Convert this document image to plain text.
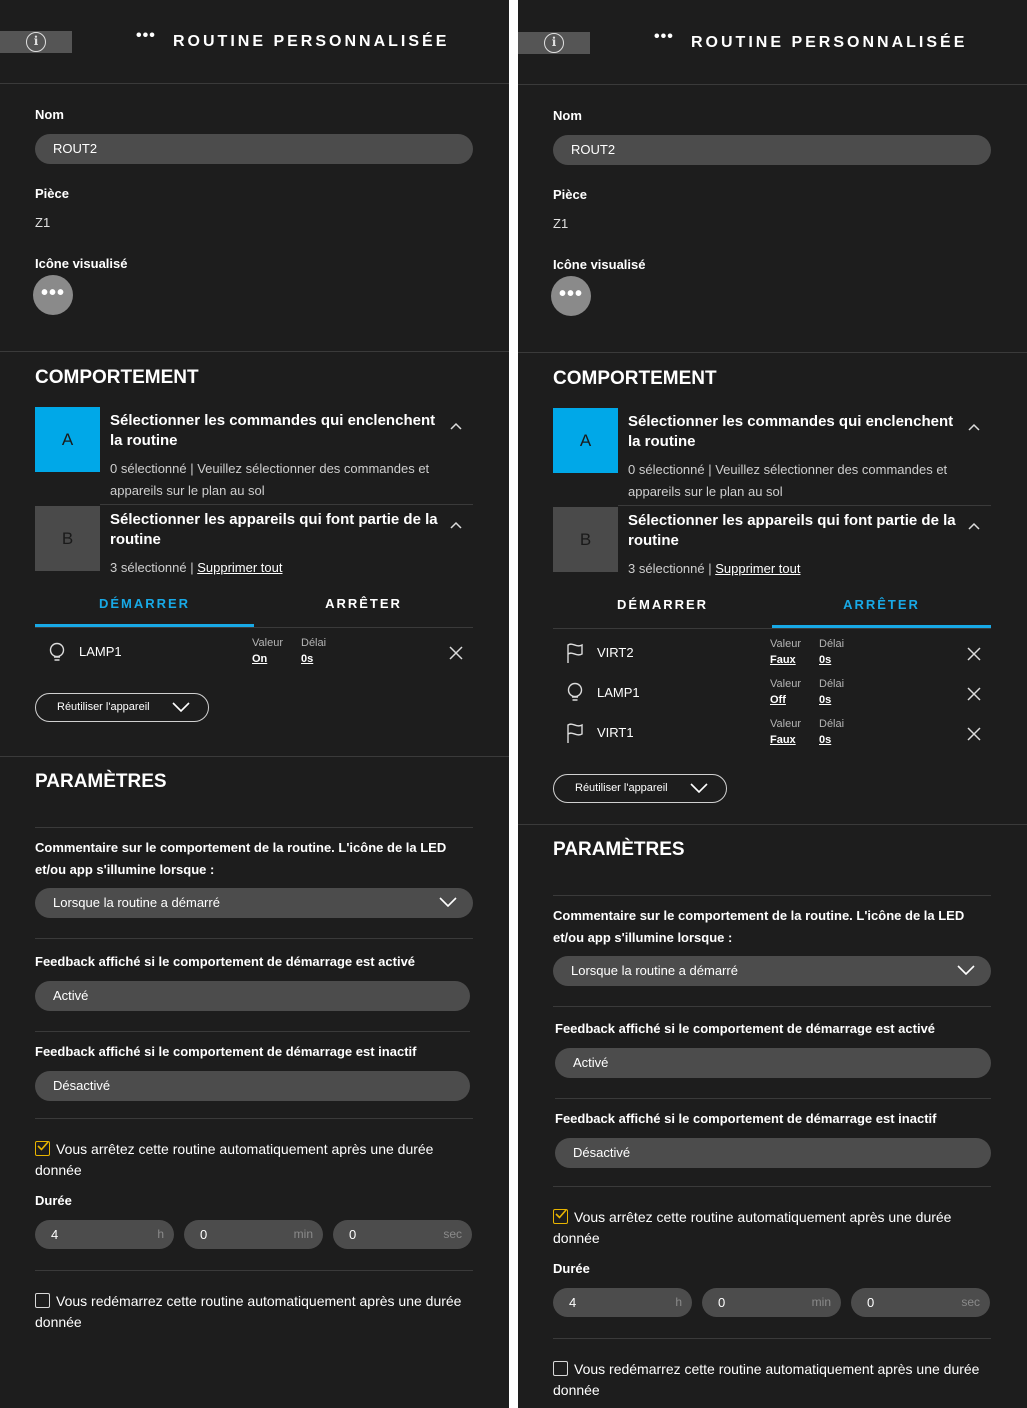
i	•••	ROUTINE PERSONNALISÉE
Nom
ROUT2
Pièce
Z1
Icône visualisé
•••
COMPORTEMENT
A
Sélectionner les commandes qui enclenchent la routine
0 sélectionné | Veuillez sélectionner des commandes et appareils sur le plan au sol
B
Sélectionner les appareils qui font partie de la routine
3 sélectionné | Supprimer tout
DÉMARRER	ARRÊTER
LAMP1
Valeur
On
Délai
0s
Réutiliser l'appareil
PARAMÈTRES
Commentaire sur le comportement de la routine. L'icône de la LED et/ou app s'illumine lorsque :
Lorsque la routine a démarré
Feedback affiché si le comportement de démarrage est activé
Activé
Feedback affiché si le comportement de démarrage est inactif
Désactivé
Vous arrêtez cette routine automatiquement après une durée donnée
Durée
4	h	0	min	0	sec
Vous redémarrez cette routine automatiquement après une durée donnée
i	•••	ROUTINE PERSONNALISÉE
Nom
ROUT2
Pièce
Z1
Icône visualisé
•••
COMPORTEMENT
A
Sélectionner les commandes qui enclenchent la routine
0 sélectionné | Veuillez sélectionner des commandes et appareils sur le plan au sol
B
Sélectionner les appareils qui font partie de la routine
3 sélectionné | Supprimer tout
DÉMARRER	ARRÊTER
VIRT2
Valeur
Faux
Délai
0s
LAMP1
Valeur
Off
Délai
0s
VIRT1
Valeur
Faux
Délai
0s
Réutiliser l'appareil
PARAMÈTRES
Commentaire sur le comportement de la routine. L'icône de la LED et/ou app s'illumine lorsque :
Lorsque la routine a démarré
Feedback affiché si le comportement de démarrage est activé
Activé
Feedback affiché si le comportement de démarrage est inactif
Désactivé
Vous arrêtez cette routine automatiquement après une durée donnée
Durée
4	h	0	min	0	sec
Vous redémarrez cette routine automatiquement après une durée donnée
